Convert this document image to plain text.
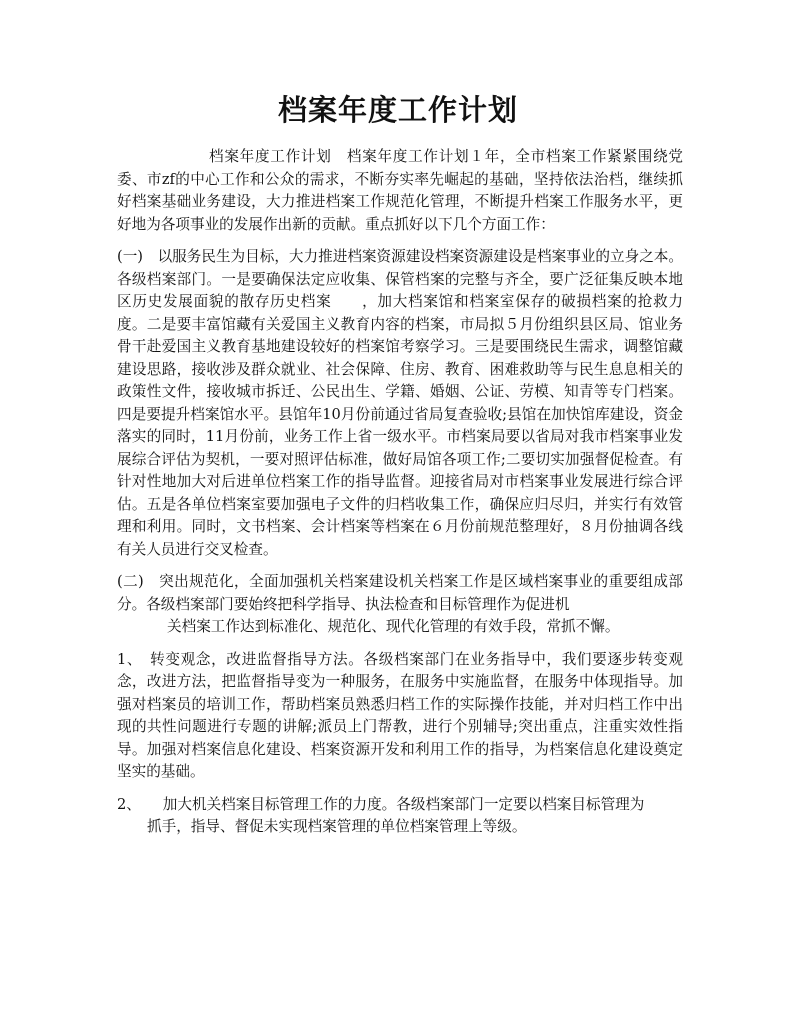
档案年度工作计划

档案年度工作计划　档案年度工作计划１年，全市档案工作紧紧围绕党委、市zf的中心工作和公众的需求，不断夯实率先崛起的基础，坚持依法治档，继续抓好档案基础业务建设，大力推进档案工作规范化管理，不断提升档案工作服务水平，更好地为各项事业的发展作出新的贡献。重点抓好以下几个方面工作：

(一)　以服务民生为目标，大力推进档案资源建设档案资源建设是档案事业的立身之本。各级档案部门。一是要确保法定应收集、保管档案的完整与齐全，要广泛征集反映本地区历史发展面貌的散存历史档案　　，加大档案馆和档案室保存的破损档案的抢救力度。二是要丰富馆藏有关爱国主义教育内容的档案，市局拟５月份组织县区局、馆业务骨干赴爱国主义教育基地建设较好的档案馆考察学习。三是要围绕民生需求，调整馆藏建设思路，接收涉及群众就业、社会保障、住房、教育、困难救助等与民生息息相关的政策性文件，接收城市拆迁、公民出生、学籍、婚姻、公证、劳模、知青等专门档案。四是要提升档案馆水平。县馆年10月份前通过省局复查验收;县馆在加快馆库建设，资金落实的同时，11月份前，业务工作上省一级水平。市档案局要以省局对我市档案事业发展综合评估为契机，一要对照评估标准，做好局馆各项工作;二要切实加强督促检查。有针对性地加大对后进单位档案工作的指导监督。迎接省局对市档案事业发展进行综合评估。五是各单位档案室要加强电子文件的归档收集工作，确保应归尽归，并实行有效管理和利用。同时，文书档案、会计档案等档案在６月份前规范整理好，８月份抽调各线有关人员进行交叉检查。

(二)　突出规范化，全面加强机关档案建设机关档案工作是区域档案事业的重要组成部分。各级档案部门要始终把科学指导、执法检查和目标管理作为促进机
关档案工作达到标准化、规范化、现代化管理的有效手段，常抓不懈。

1、　转变观念，改进监督指导方法。各级档案部门在业务指导中，我们要逐步转变观念，改进方法，把监督指导变为一种服务，在服务中实施监督，在服务中体现指导。加强对档案员的培训工作，帮助档案员熟悉归档工作的实际操作技能，并对归档工作中出现的共性问题进行专题的讲解;派员上门帮教，进行个别辅导;突出重点，注重实效性指导。加强对档案信息化建设、档案资源开发和利用工作的指导，为档案信息化建设奠定坚实的基础。

2、　　加大机关档案目标管理工作的力度。各级档案部门一定要以档案目标管理为
抓手，指导、督促未实现档案管理的单位档案管理上等级。
